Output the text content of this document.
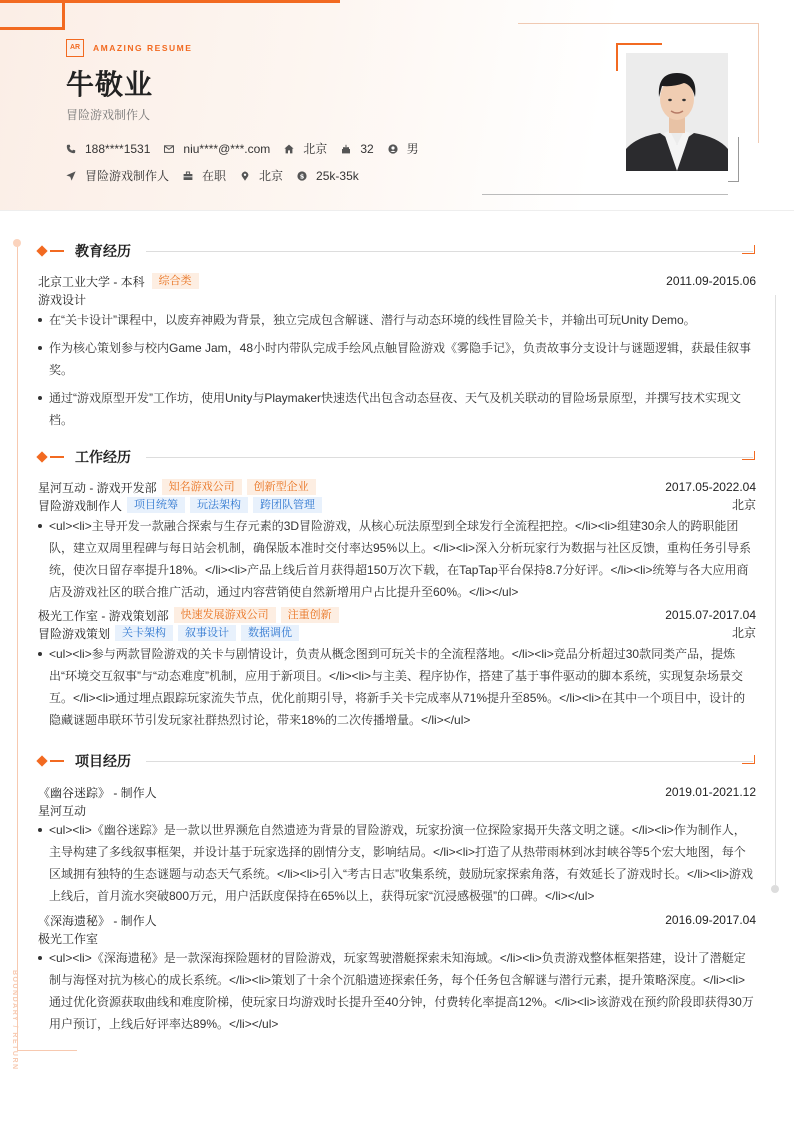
AR	AMAZING RESUME
牛敬业
冒险游戏制作人
188****1531	niu****@***.com	北京	32	男
冒险游戏制作人	在职	北京	$ 25k-35k
BOUNDARY / RETURN
教育经历
北京工业大学 - 本科	综合类	2011.09-2015.06
游戏设计
在“关卡设计”课程中，以废弃神殿为背景，独立完成包含解谜、潜行与动态环境的线性冒险关卡，并输出可玩Unity Demo。
作为核心策划参与校内Game Jam，48小时内带队完成手绘风点触冒险游戏《雾隐手记》，负责故事分支设计与谜题逻辑，获最佳叙事奖。
通过“游戏原型开发”工作坊，使用Unity与Playmaker快速迭代出包含动态昼夜、天气及机关联动的冒险场景原型，并撰写技术实现文档。
工作经历
星河互动 - 游戏开发部	知名游戏公司	创新型企业	2017.05-2022.04
冒险游戏制作人	项目统筹	玩法架构	跨团队管理	北京
<ul><li>主导开发一款融合探索与生存元素的3D冒险游戏，从核心玩法原型到全球发行全流程把控。</li><li>组建30余人的跨职能团队，建立双周里程碑与每日站会机制，确保版本准时交付率达95%以上。</li><li>深入分析玩家行为数据与社区反馈，重构任务引导系统，使次日留存率提升18%。</li><li>产品上线后首月获得超150万次下载，在TapTap平台保持8.7分好评。</li><li>统筹与各大应用商店及游戏社区的联合推广活动，通过内容营销使自然新增用户占比提升至60%。</li></ul>
极光工作室 - 游戏策划部	快速发展游戏公司	注重创新	2015.07-2017.04
冒险游戏策划	关卡架构	叙事设计	数据调优	北京
<ul><li>参与两款冒险游戏的关卡与剧情设计，负责从概念图到可玩关卡的全流程落地。</li><li>竞品分析超过30款同类产品，提炼出“环境交互叙事”与“动态难度”机制，应用于新项目。</li><li>与主美、程序协作，搭建了基于事件驱动的脚本系统，实现复杂场景交互。</li><li>通过埋点跟踪玩家流失节点，优化前期引导，将新手关卡完成率从71%提升至85%。</li><li>在其中一个项目中，设计的隐藏谜题串联环节引发玩家社群热烈讨论，带来18%的二次传播增量。</li></ul>
项目经历
《幽谷迷踪》 - 制作人	2019.01-2021.12
星河互动
<ul><li>《幽谷迷踪》是一款以世界濒危自然遗迹为背景的冒险游戏，玩家扮演一位探险家揭开失落文明之谜。</li><li>作为制作人，主导构建了多线叙事框架，并设计基于玩家选择的剧情分支，影响结局。</li><li>打造了从热带雨林到冰封峡谷等5个宏大地图，每个区域拥有独特的生态谜题与动态天气系统。</li><li>引入“考古日志”收集系统，鼓励玩家探索角落，有效延长了游戏时长。</li><li>游戏上线后，首月流水突破800万元，用户活跃度保持在65%以上，获得玩家“沉浸感极强”的口碑。</li></ul>
《深海遗秘》 - 制作人	2016.09-2017.04
极光工作室
<ul><li>《深海遗秘》是一款深海探险题材的冒险游戏，玩家驾驶潜艇探索未知海域。</li><li>负责游戏整体框架搭建，设计了潜艇定制与海怪对抗为核心的成长系统。</li><li>策划了十余个沉船遗迹探索任务，每个任务包含解谜与潜行元素，提升策略深度。</li><li>通过优化资源获取曲线和难度阶梯，使玩家日均游戏时长提升至40分钟，付费转化率提高12%。</li><li>该游戏在预约阶段即获得30万用户预订，上线后好评率达89%。</li></ul>
